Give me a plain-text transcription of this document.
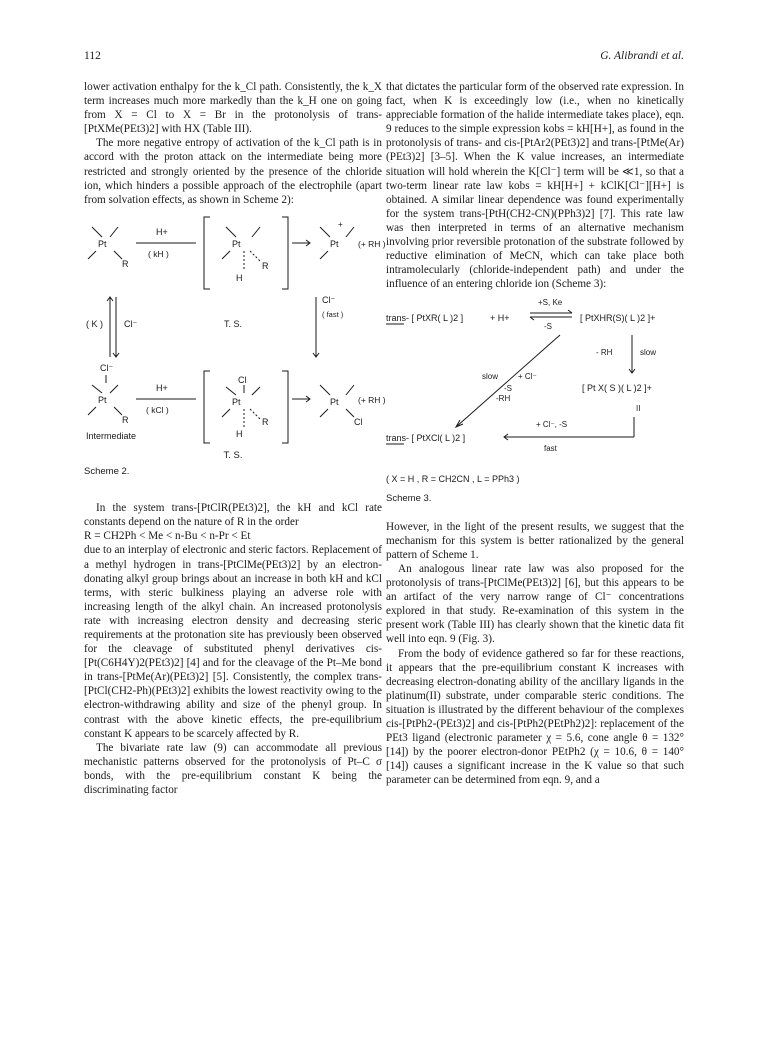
112	G. Alibrandi et al.

lower activation enthalpy for the k_Cl path. Consistently, the k_X term increases much more markedly than the k_H one on going from X = Cl to X = Br in the protonolysis of trans-[PtXMe(PEt3)2] with HX (Table III).

The more negative entropy of activation of the k_Cl path is in accord with the proton attack on the intermediate being more restricted and strongly oriented by the presence of the chloride ion, which hinders a possible approach of the electrophile (apart from solvation effects, as shown in Scheme 2):

Pt
R
H+
( kH )
Pt
R
H
+
Pt (+ RH )
( K ) Cl⁻	T. S.
Cl⁻
( fast )
Cl⁻
Pt
R
H+
( kCl )
Cl
Pt
R
H
Pt
Cl
(+ RH )
Intermediate
T. S.
Scheme 2.

In the system trans-[PtClR(PEt3)2], the kH and kCl rate constants depend on the nature of R in the order

R = CH2Ph < Me < n-Bu < n-Pr < Et

due to an interplay of electronic and steric factors. Replacement of a methyl hydrogen in trans-[PtClMe(PEt3)2] by an electron-donating alkyl group brings about an increase in both kH and kCl terms, with steric bulkiness playing an adverse role with increasing length of the alkyl chain. An increased protonolysis rate with increasing electron density and decreasing steric requirements at the protonation site has previously been observed for the cleavage of substituted phenyl derivatives cis-[Pt(C6H4Y)2(PEt3)2] [4] and for the cleavage of the Pt–Me bond in trans-[PtMe(Ar)(PEt3)2] [5]. Consistently, the complex trans-[PtCl(CH2-Ph)(PEt3)2] exhibits the lowest reactivity owing to the electron-withdrawing ability and size of the phenyl group. In contrast with the above kinetic effects, the pre-equilibrium constant K appears to be scarcely affected by R.

The bivariate rate law (9) can accommodate all previous mechanistic patterns observed for the protonolysis of Pt–C σ bonds, with the pre-equilibrium constant K being the discriminating factor

that dictates the particular form of the observed rate expression. In fact, when K is exceedingly low (i.e., when no kinetically appreciable formation of the halide intermediate takes place), eqn. 9 reduces to the simple expression kobs = kH[H+], as found in the protonolysis of trans- and cis-[PtAr2(PEt3)2] and trans-[PtMe(Ar)(PEt3)2] [3–5]. When the K value increases, an intermediate situation will hold wherein the K[Cl⁻] term will be ≪1, so that a two-term linear rate law kobs = kH[H+] + kClK[Cl⁻][H+] is obtained. A similar linear dependence was found experimentally for the system trans-[PtH(CH2-CN)(PPh3)2] [7]. This rate law was then interpreted in terms of an alternative mechanism involving prior reversible protonation of the substrate followed by reductive elimination of MeCN, which can take place both intramolecularly (chloride-independent path) and under the influence of an entering chloride ion (Scheme 3):

trans- [ PtXR( L )2 ]	+ H+
+S, Ke
-S
[ PtXHR(S)( L )2 ]+
- RH	slow
slow + Cl⁻
-S
-RH
[ Pt X( S )( L )2 ]+
II
trans- [ PtXCl( L )2 ]
+ Cl⁻, -S
fast
( X = H , R = CH2CN , L = PPh3 )
Scheme 3.

However, in the light of the present results, we suggest that the mechanism for this system is better rationalized by the general pattern of Scheme 1.

An analogous linear rate law was also proposed for the protonolysis of trans-[PtClMe(PEt3)2] [6], but this appears to be an artifact of the very narrow range of Cl⁻ concentrations explored in that study. Re-examination of this system in the present work (Table III) has clearly shown that the kinetic data fit well into eqn. 9 (Fig. 3).

From the body of evidence gathered so far for these reactions, it appears that the pre-equilibrium constant K increases with decreasing electron-donating ability of the ancillary ligands in the platinum(II) substrate, under comparable steric conditions. The situation is illustrated by the different behaviour of the complexes cis-[PtPh2-(PEt3)2] and cis-[PtPh2(PEtPh2)2]: replacement of the PEt3 ligand (electronic parameter χ = 5.6, cone angle θ = 132° [14]) by the poorer electron-donor PEtPh2 (χ = 10.6, θ = 140° [14]) causes a significant increase in the K value so that such parameter can be determined from eqn. 9, and a
